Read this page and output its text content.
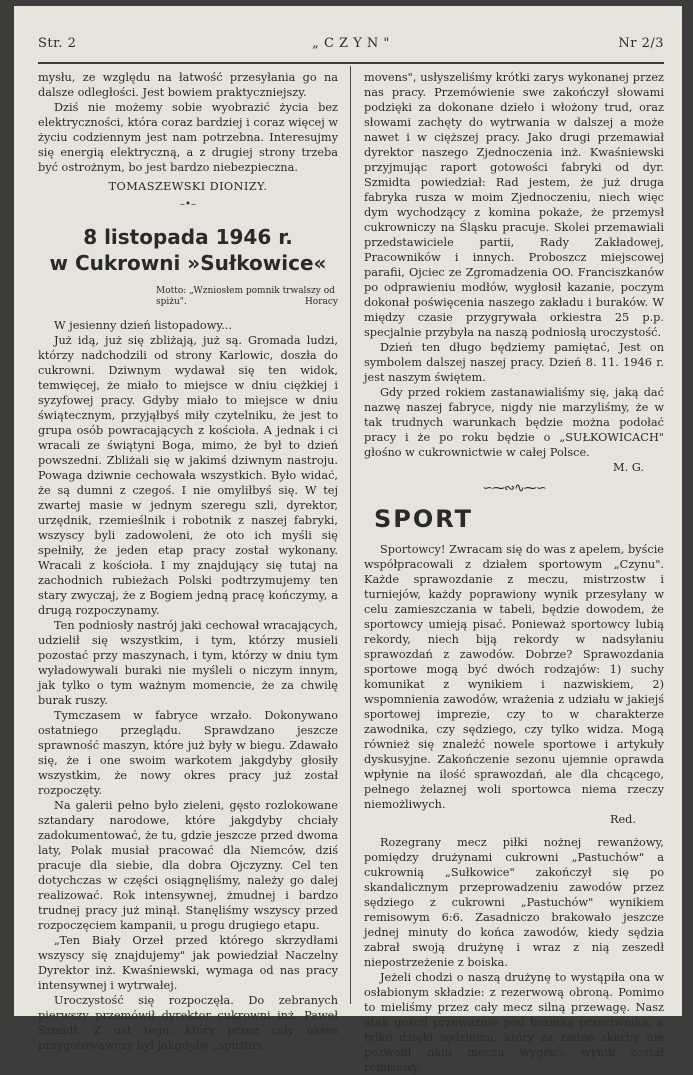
Str. 2	„ C Z Y N "	Nr 2/3

mysłu, ze względu na łatwość przesyłania go na dalsze odległości. Jest bowiem praktyczniejszy.

Dziś nie możemy sobie wyobrazić życia bez elektryczności, która coraz bardziej i coraz więcej w życiu codziennym jest nam potrzebna. Interesujmy się energią elektryczną, a z drugiej strony trzeba być ostrożnym, bo jest bardzo niebezpieczna.

TOMASZEWSKI DIONIZY.

–•–
8 listopada 1946 r.
w Cukrowni »Sułkowice«
Motto: „Wzniosłem pomnik trwalszy od spiżu".	Horacy

W jesienny dzień listopadowy...

Już idą, już się zbliżają, już są. Gromada ludzi, którzy nadchodzili od strony Karlowic, doszła do cukrowni. Dziwnym wydawał się ten widok, temwięcej, że miało to miejsce w dniu ciężkiej i syzyfowej pracy. Gdyby miało to miejsce w dniu świątecznym, przyjąłbyś miły czytelniku, że jest to grupa osób powracających z kościoła. A jednak i ci wracali ze świątyni Boga, mimo, że był to dzień powszedni. Zbliżali się w jakimś dziwnym nastroju. Powaga dziwnie cechowała wszystkich. Było widać, że są dumni z czegoś. I nie omyliłbyś się. W tej zwartej masie w jednym szeregu szli, dyrektor, urzędnik, rzemieślnik i robotnik z naszej fabryki, wszyscy byli zadowoleni, że oto ich myśli się spełniły, że jeden etap pracy został wykonany. Wracali z kościoła. I my znajdujący się tutaj na zachodnich rubieżach Polski podtrzymujemy ten stary zwyczaj, że z Bogiem jedną pracę kończymy, a drugą rozpoczynamy.

Ten podniosły nastrój jaki cechował wracających, udzielił się wszystkim, i tym, którzy musieli pozostać przy maszynach, i tym, którzy w dniu tym wyładowywali buraki nie myśleli o niczym innym, jak tylko o tym ważnym momencie, że za chwilę burak ruszy.

Tymczasem w fabryce wrzało. Dokonywano ostatniego przeglądu. Sprawdzano jeszcze sprawność maszyn, które już były w biegu. Zdawało się, że i one swoim warkotem jakgdyby głosiły wszystkim, że nowy okres pracy już został rozpoczęty.

Na galerii pełno było zieleni, gęsto rozlokowane sztandary narodowe, które jakgdyby chciały zadokumentować, że tu, gdzie jeszcze przed dwoma laty, Polak musiał pracować dla Niemców, dziś pracuje dla siebie, dla dobra Ojczyzny. Cel ten dotychczas w części osiągnęliśmy, należy go dalej realizować. Rok intensywnej, żmudnej i bardzo trudnej pracy już minął. Stanęliśmy wszyscy przed rozpoczęciem kampanii, u progu drugiego etapu.

„Ten Biały Orzeł przed którego skrzydłami wszyscy się znajdujemy" jak powiedział Naczelny Dyrektor inż. Kwaśniewski, wymaga od nas pracy intensywnej i wytrwałej.

Uroczystość się rozpoczęła. Do zebranych pierwszy przemówił dyrektor cukrowni inż. Paweł Szmidt. Z ust tego, który przez cały okres przygotowawczy był jakgdyby „spiritus

movens", usłyszeliśmy krótki zarys wykonanej przez nas pracy. Przemówienie swe zakończył słowami podzięki za dokonane dzieło i włożony trud, oraz słowami zachęty do wytrwania w dalszej a może nawet i w cięższej pracy. Jako drugi przemawiał dyrektor naszego Zjednoczenia inż. Kwaśniewski przyjmując raport gotowości fabryki od dyr. Szmidta powiedział: Rad jestem, że już druga fabryka rusza w moim Zjednoczeniu, niech więc dym wychodzący z komina pokaże, że przemysł cukrowniczy na Śląsku pracuje. Skolei przemawiali przedstawiciele partii, Rady Zakładowej, Pracowników i innych. Proboszcz miejscowej parafii, Ojciec ze Zgromadzenia OO. Franciszkanów po odprawieniu modłów, wygłosił kazanie, poczym dokonał poświęcenia naszego zakładu i buraków. W między czasie przygrywała orkiestra 25 p.p. specjalnie przybyła na naszą podniosłą uroczystość.

Dzień ten długo będziemy pamiętać, Jest on symbolem dalszej naszej pracy. Dzień 8. 11. 1946 r. jest naszym świętem.

Gdy przed rokiem zastanawialiśmy się, jaką dać nazwę naszej fabryce, nigdy nie marzyliśmy, że w tak trudnych warunkach będzie można podołać pracy i że po roku będzie o „SUŁKOWICACH" głośno w cukrownictwie w całej Polsce.

M. G.

∽⁓∾∿⁓∽
SPORT

Sportowcy! Zwracam się do was z apelem, byście współpracowali z działem sportowym „Czynu". Każde sprawozdanie z meczu, mistrzostw i turniejów, każdy poprawiony wynik przesyłany w celu zamieszczania w tabeli, będzie dowodem, że sportowcy umieją pisać. Ponieważ sportowcy lubią rekordy, niech biją rekordy w nadsyłaniu sprawozdań z zawodów. Dobrze? Sprawozdania sportowe mogą być dwóch rodzajów: 1) suchy komunikat z wynikiem i nazwiskiem, 2) wspomnienia zawodów, wrażenia z udziału w jakiejś sportowej imprezie, czy to w charakterze zawodnika, czy sędziego, czy tylko widza. Mogą również się znaleźć nowele sportowe i artykuły dyskusyjne. Zakończenie sezonu ujemnie oprawda wpłynie na ilość sprawozdań, ale dla chcącego, pełnego żelaznej woli sportowca niema rzeczy niemożliwych.

Red.

Rozegrany mecz piłki nożnej rewanżowy, pomiędzy drużynami cukrowni „Pastuchów" a cukrownią „Sułkowice" zakończył się po skandalicznym przeprowadzeniu zawodów przez sędziego z cukrowni „Pastuchów" wynikiem remisowym 6:6. Zasadniczo brakowało jeszcze jednej minuty do końca zawodów, kiedy sędzia zabrał swoją drużynę i wraz z nią zeszedł niepostrzeżenie z boiska.

Jeżeli chodzi o naszą drużynę to wystąpiła ona w osłabionym składzie: z rezerwową obroną. Pomimo to mieliśmy przez cały mecz silną przewagę. Nasz atak gościł przeważnie pod bramką przeciwnika, a tylko dzięki sędziemu, który za żadne skarby nie pozwolił nam meczu wygrać, wynik został remisowy.
